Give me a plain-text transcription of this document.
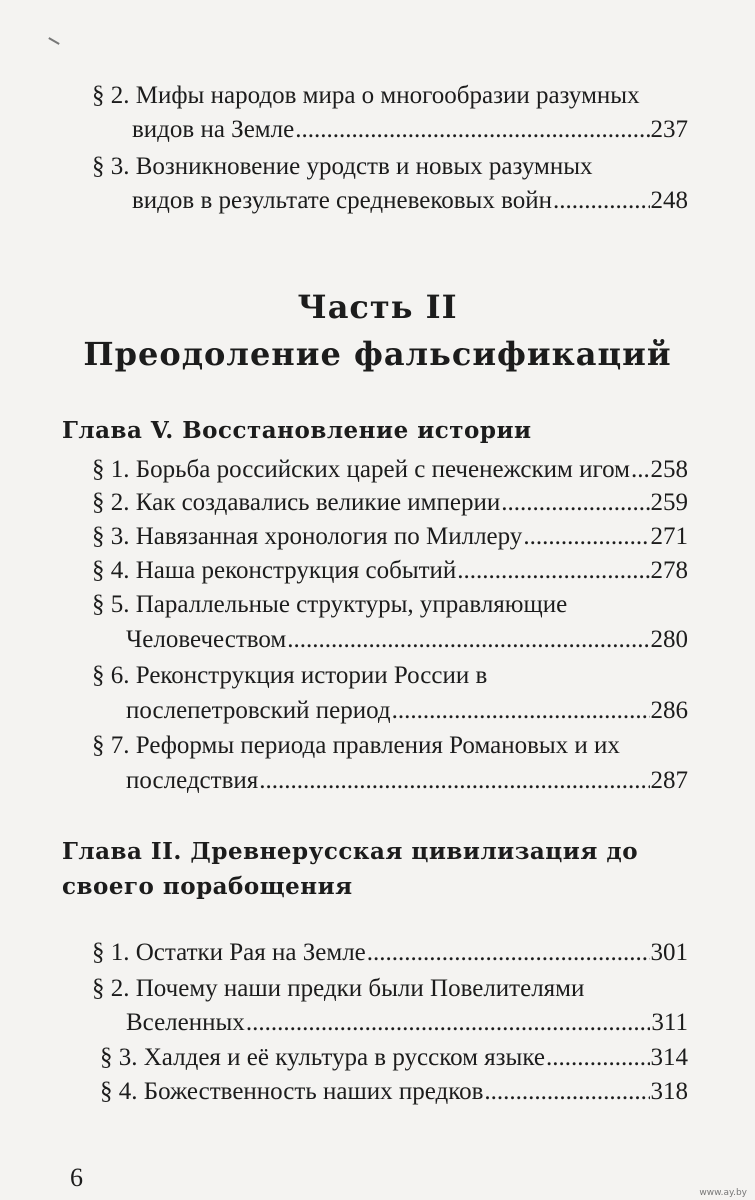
§ 2. Мифы народов мира о многообразии разумных
видов на Земле .....	237
§ 3. Возникновение уродств и новых разумных
видов в результате средневековых войн .....	248
Часть II
Преодоление фальсификаций
Глава V. Восстановление истории
§ 1. Борьба российских царей с печенежским игом ..... 258
§ 2. Как создавались великие империи .....	259
§ 3. Навязанная хронология по Миллеру .....	271
§ 4. Наша реконструкция событий .....	278
§ 5. Параллельные структуры, управляющие
Человечеством .....	280
§ 6. Реконструкция истории России в
послепетровский период .....	286
§ 7. Реформы периода правления Романовых и их
последствия .....	287
Глава II. Древнерусская цивилизация до
своего порабощения
§ 1. Остатки Рая на Земле .....	301
§ 2. Почему наши предки были Повелителями
Вселенных .....	311
§ 3. Халдея и её культура в русском языке .....	314
§ 4. Божественность наших предков .....	318
6
www.ay.by
